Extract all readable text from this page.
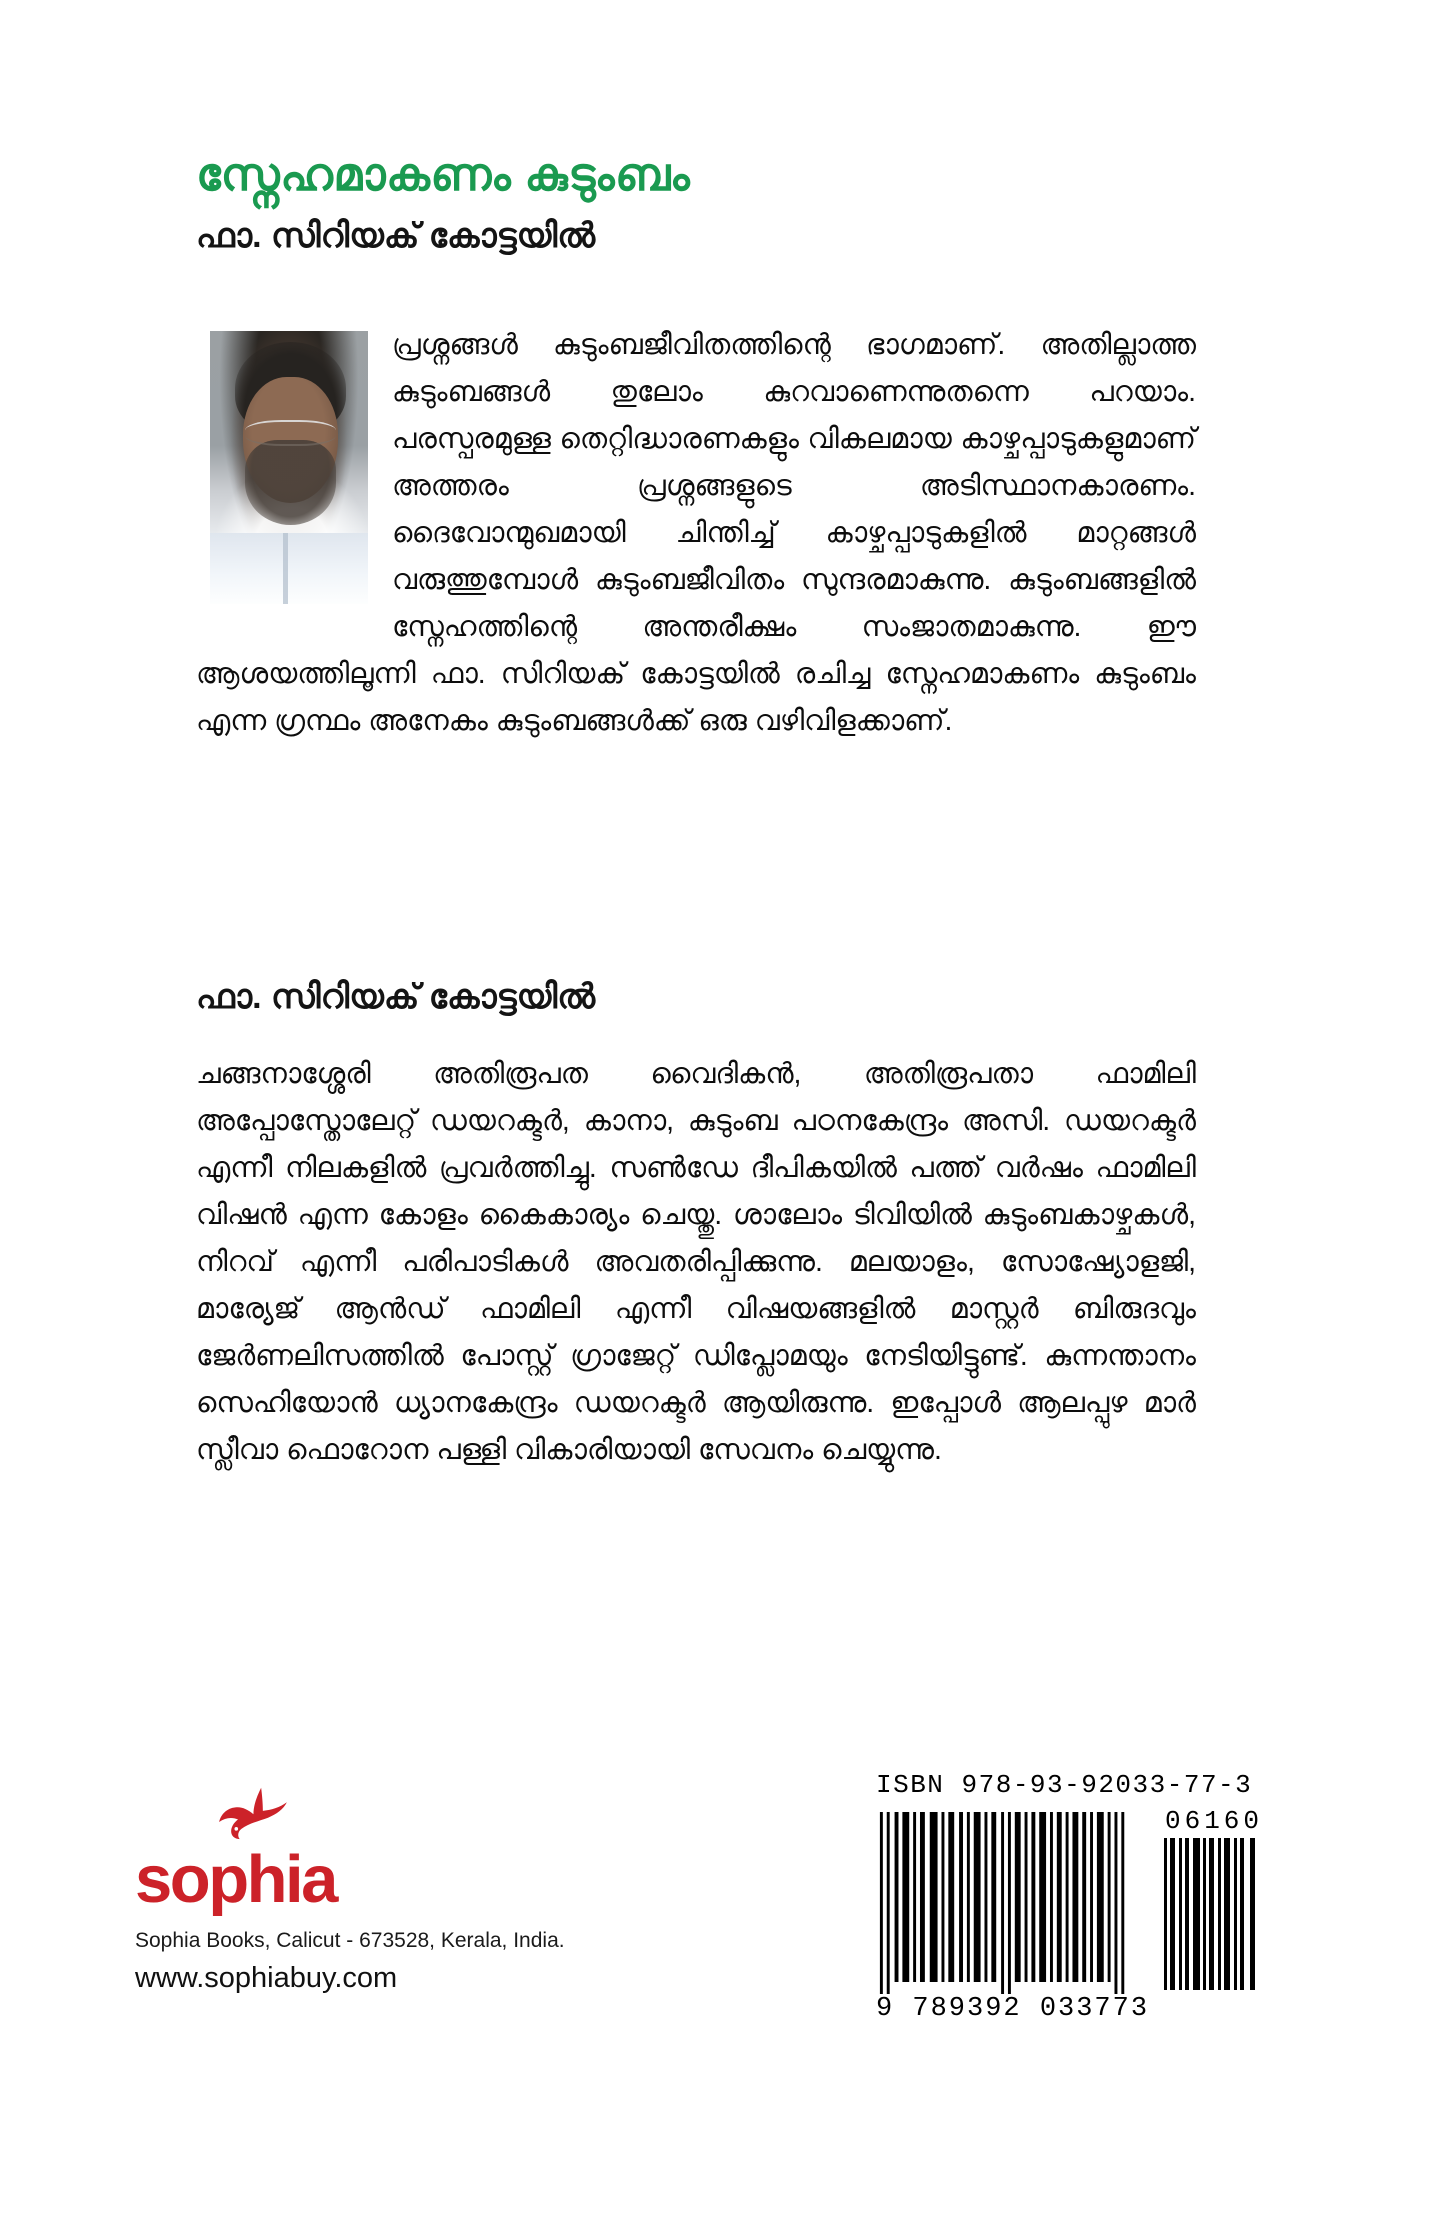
സ്നേഹമാകണം കുടുംബം
ഫാ. സിറിയക് കോട്ടയിൽ

പ്രശ്നങ്ങൾ കുടുംബജീവിതത്തിന്റെ ഭാഗമാണ്. അതില്ലാത്ത കുടുംബങ്ങൾ തുലോം കുറവാണെന്നുതന്നെ പറയാം. പരസ്പരമുള്ള തെറ്റിദ്ധാരണകളും വികലമായ കാഴ്ചപ്പാടുകളുമാണ് അത്തരം പ്രശ്നങ്ങളുടെ അടിസ്ഥാനകാരണം. ദൈവോന്മുഖമായി ചിന്തിച്ച് കാഴ്ചപ്പാടുകളിൽ മാറ്റങ്ങൾ വരുത്തുമ്പോൾ കുടുംബജീവിതം സുന്ദരമാകുന്നു. കുടുംബങ്ങളിൽ സ്നേഹത്തിന്റെ അന്തരീക്ഷം സംജാതമാകുന്നു. ഈ ആശയത്തിലൂന്നി ഫാ. സിറിയക് കോട്ടയിൽ രചിച്ച സ്നേഹമാകണം കുടുംബം എന്ന ഗ്രന്ഥം അനേകം കുടുംബങ്ങൾക്ക് ഒരു വഴിവിളക്കാണ്.

ഫാ. സിറിയക് കോട്ടയിൽ

ചങ്ങനാശ്ശേരി അതിരൂപത വൈദികൻ, അതിരൂപതാ ഫാമിലി അപ്പോസ്തോലേറ്റ് ഡയറക്ടർ, കാനാ, കുടുംബ പഠനകേന്ദ്രം അസി. ഡയറക്ടർ എന്നീ നിലകളിൽ പ്രവർത്തിച്ചു. സൺഡേ ദീപികയിൽ പത്ത് വർഷം ഫാമിലി വിഷൻ എന്ന കോളം കൈകാര്യം ചെയ്തു. ശാലോം ടിവിയിൽ കുടുംബകാഴ്ചകൾ, നിറവ് എന്നീ പരിപാടികൾ അവതരിപ്പിക്കുന്നു. മലയാളം, സോഷ്യോളജി, മാര്യേജ് ആൻഡ് ഫാമിലി എന്നീ വിഷയങ്ങളിൽ മാസ്റ്റർ ബിരുദവും ജേർണലിസത്തിൽ പോസ്റ്റ് ഗ്രാജേറ്റ് ഡിപ്ലോമയും നേടിയിട്ടുണ്ട്. കുന്നന്താനം സെഹിയോൻ ധ്യാനകേന്ദ്രം ഡയറക്ടർ ആയിരുന്നു. ഇപ്പോൾ ആലപ്പുഴ മാർ സ്ലീവാ ഫൊറോന പള്ളി വികാരിയായി സേവനം ചെയ്യുന്നു.

sophia
Sophia Books, Calicut - 673528, Kerala, India.
www.sophiabuy.com
ISBN 978-93-92033-77-3
9 789392 033773
06160
